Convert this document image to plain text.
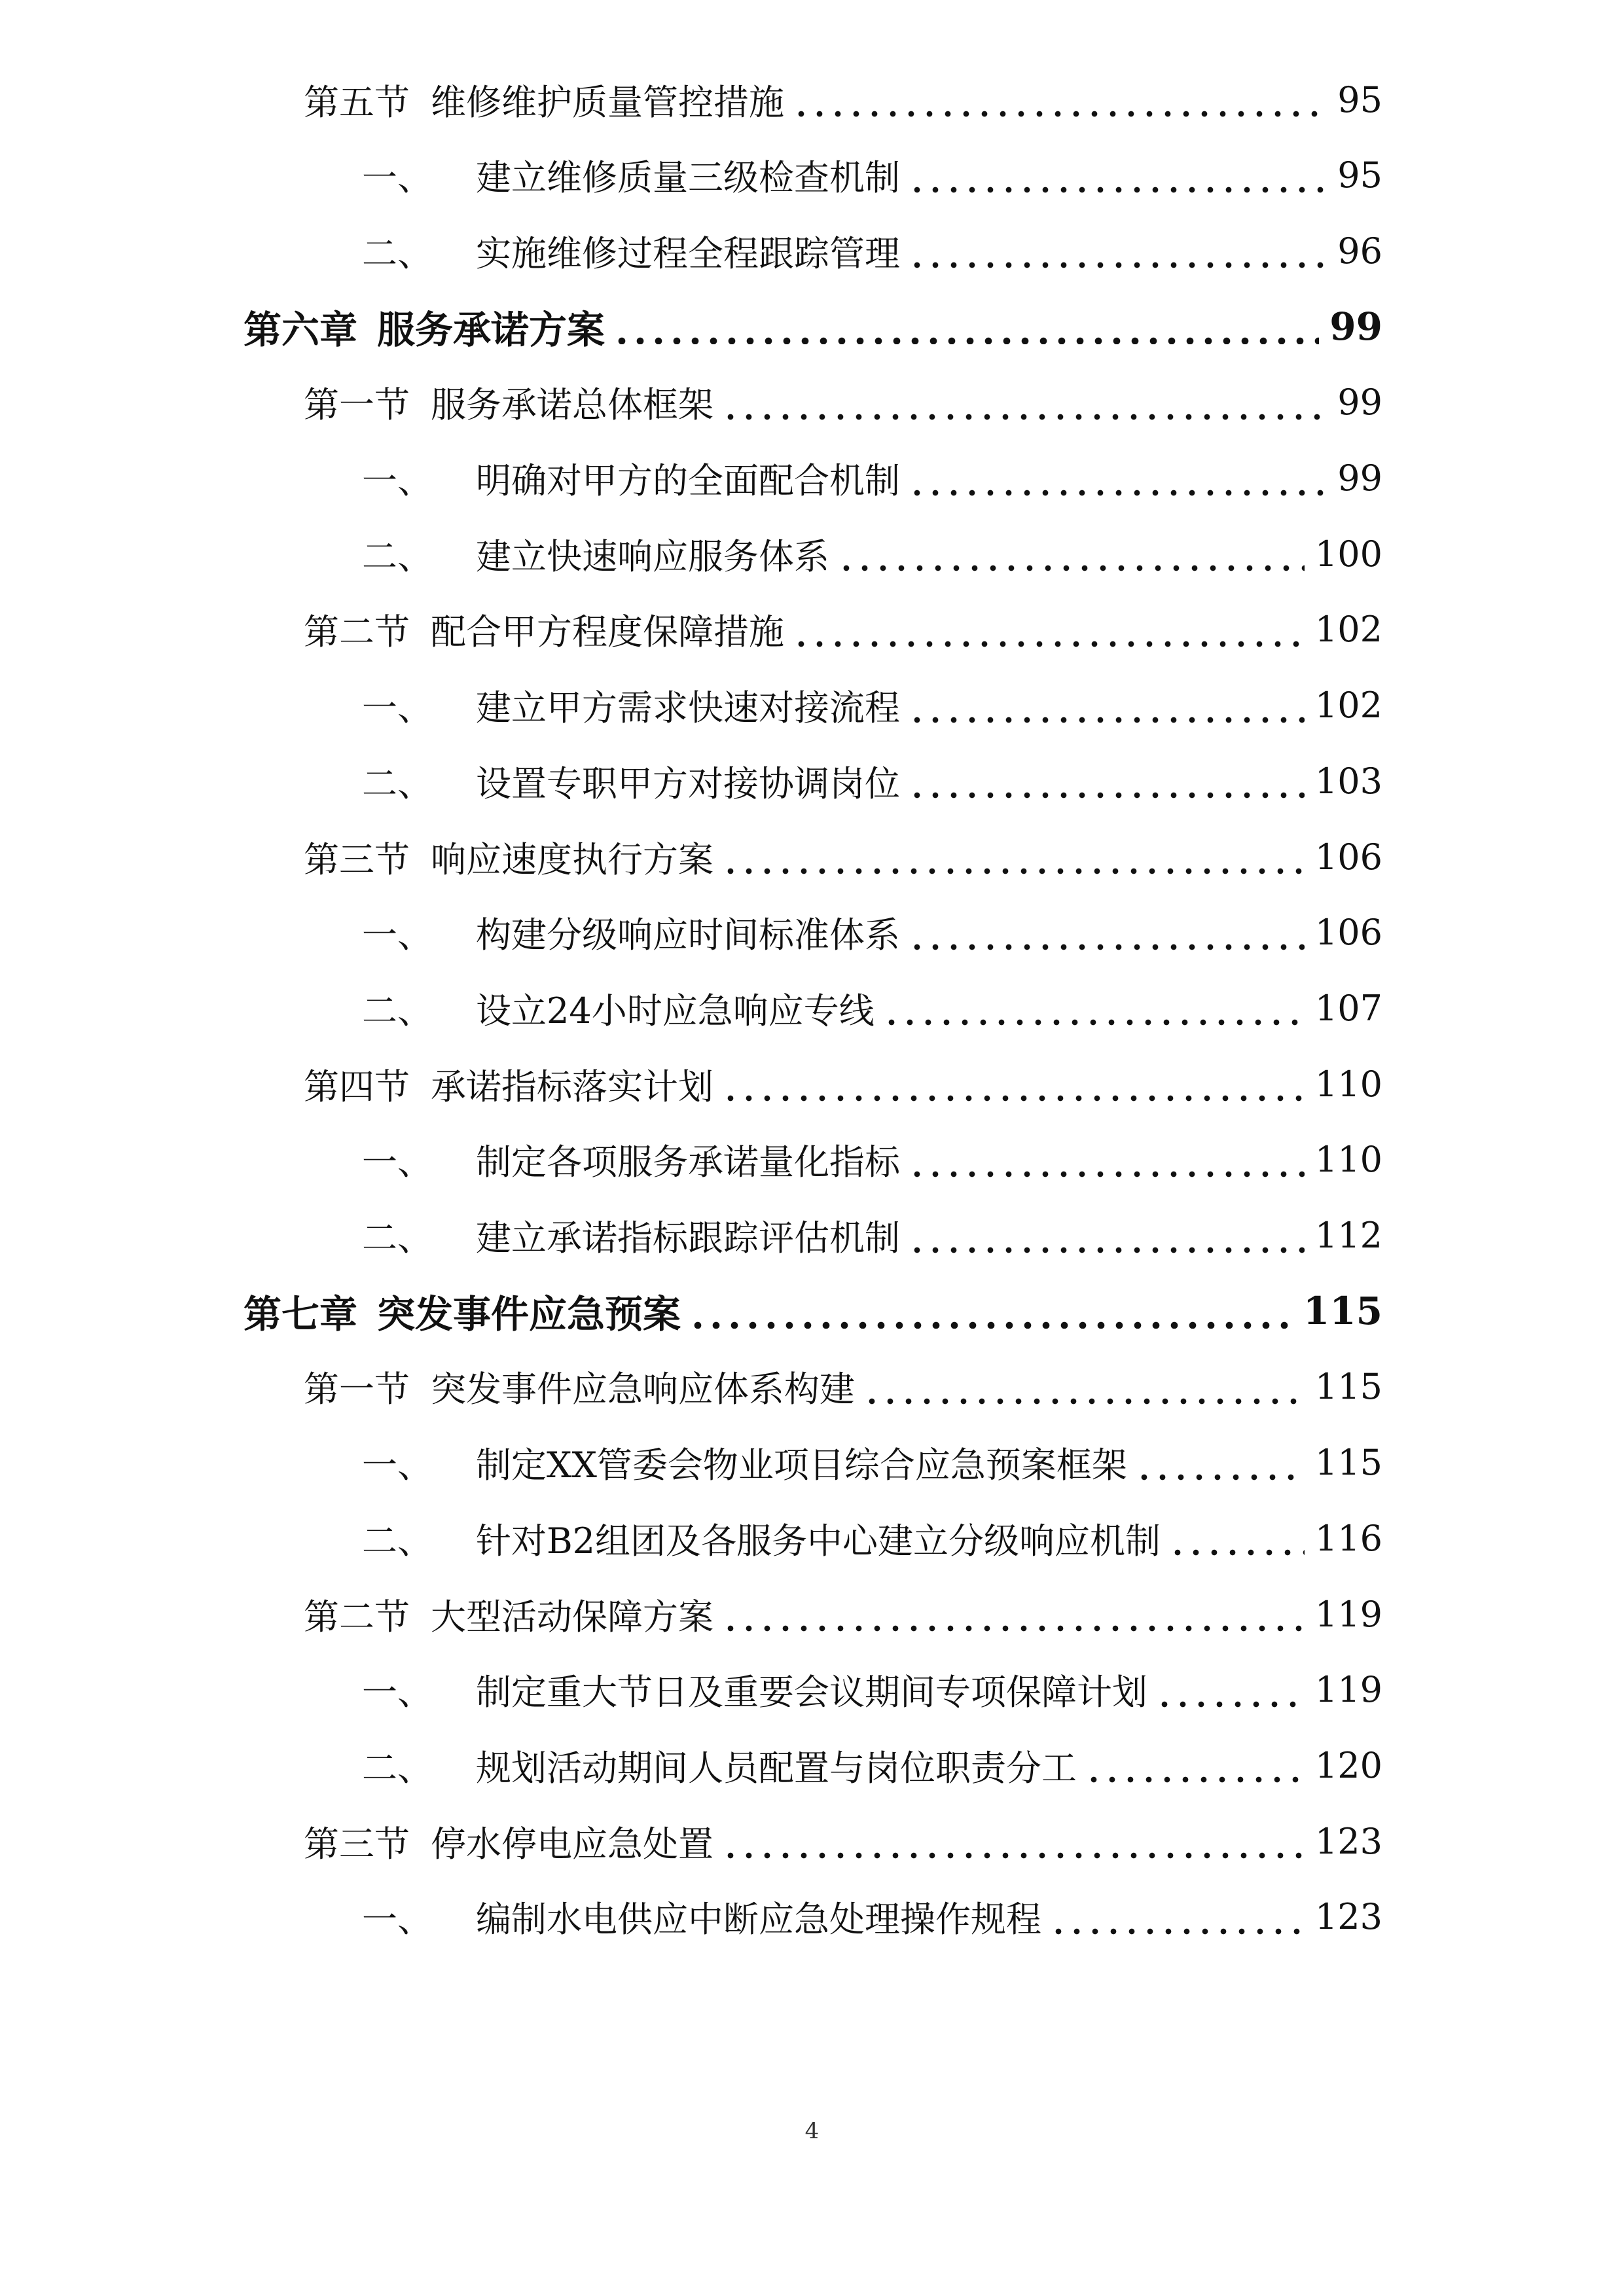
第五节 维修维护质量管控措施	95
一、 建立维修质量三级检查机制	95
二、 实施维修过程全程跟踪管理	96
第六章 服务承诺方案	99
第一节 服务承诺总体框架	99
一、 明确对甲方的全面配合机制	99
二、 建立快速响应服务体系	100
第二节 配合甲方程度保障措施	102
一、 建立甲方需求快速对接流程	102
二、 设置专职甲方对接协调岗位	103
第三节 响应速度执行方案	106
一、 构建分级响应时间标准体系	106
二、 设立24小时应急响应专线	107
第四节 承诺指标落实计划	110
一、 制定各项服务承诺量化指标	110
二、 建立承诺指标跟踪评估机制	112
第七章 突发事件应急预案	115
第一节 突发事件应急响应体系构建	115
一、 制定XX管委会物业项目综合应急预案框架	115
二、 针对B2组团及各服务中心建立分级响应机制	116
第二节 大型活动保障方案	119
一、 制定重大节日及重要会议期间专项保障计划	119
二、 规划活动期间人员配置与岗位职责分工	120
第三节 停水停电应急处置	123
一、 编制水电供应中断应急处理操作规程	123
4
